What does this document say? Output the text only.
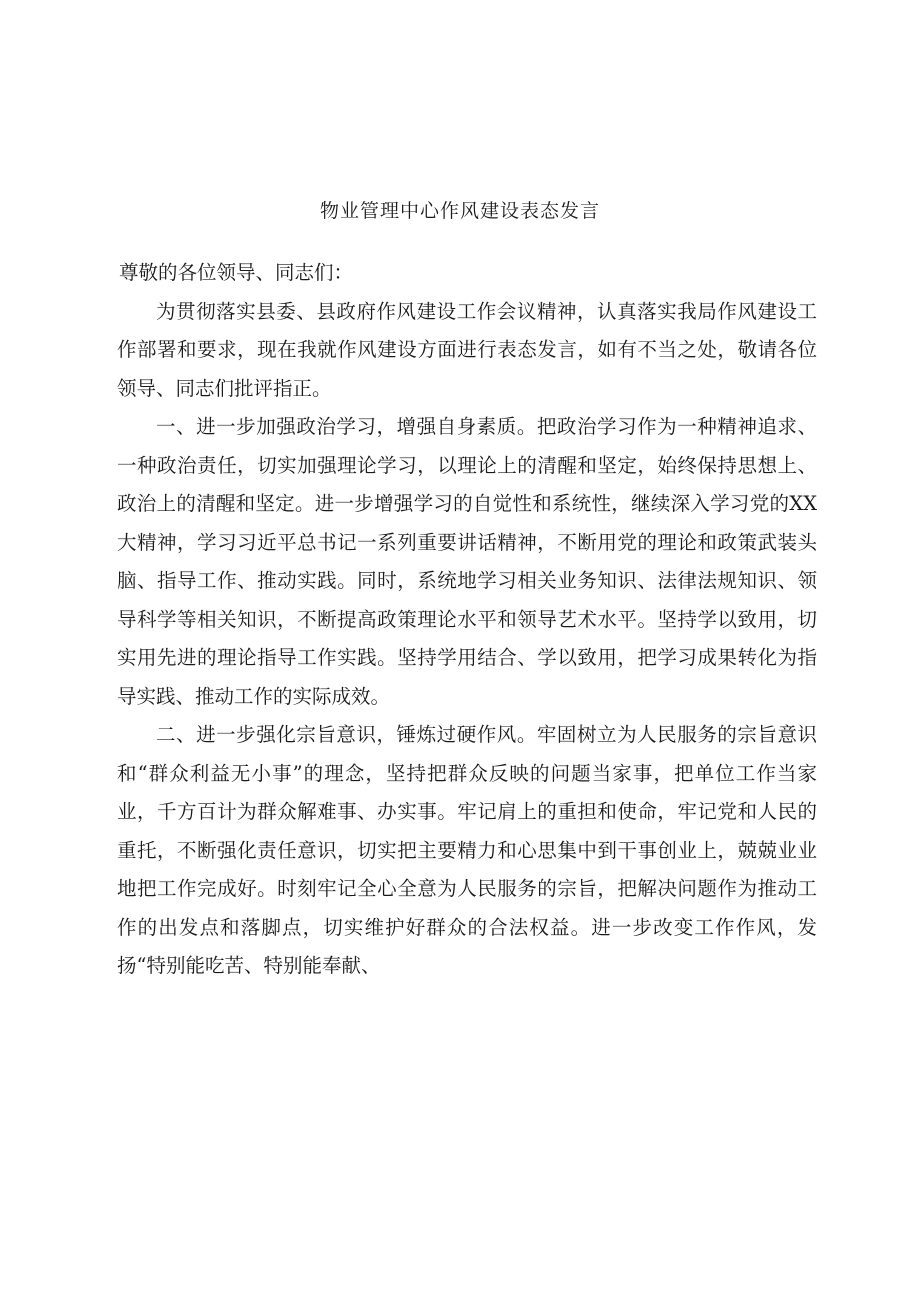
物业管理中心作风建设表态发言

尊敬的各位领导、同志们：

为贯彻落实县委、县政府作风建设工作会议精神，认真落实我局作风建设工作部署和要求，现在我就作风建设方面进行表态发言，如有不当之处，敬请各位领导、同志们批评指正。

一、进一步加强政治学习，增强自身素质。把政治学习作为一种精神追求、一种政治责任，切实加强理论学习，以理论上的清醒和坚定，始终保持思想上、政治上的清醒和坚定。进一步增强学习的自觉性和系统性，继续深入学习党的XX大精神，学习习近平总书记一系列重要讲话精神，不断用党的理论和政策武装头脑、指导工作、推动实践。同时，系统地学习相关业务知识、法律法规知识、领导科学等相关知识，不断提高政策理论水平和领导艺术水平。坚持学以致用，切实用先进的理论指导工作实践。坚持学用结合、学以致用，把学习成果转化为指导实践、推动工作的实际成效。

二、进一步强化宗旨意识，锤炼过硬作风。牢固树立为人民服务的宗旨意识和“群众利益无小事”的理念，坚持把群众反映的问题当家事，把单位工作当家业，千方百计为群众解难事、办实事。牢记肩上的重担和使命，牢记党和人民的重托，不断强化责任意识，切实把主要精力和心思集中到干事创业上，兢兢业业地把工作完成好。时刻牢记全心全意为人民服务的宗旨，把解决问题作为推动工作的出发点和落脚点，切实维护好群众的合法权益。进一步改变工作作风，发扬“特别能吃苦、特别能奉献、
